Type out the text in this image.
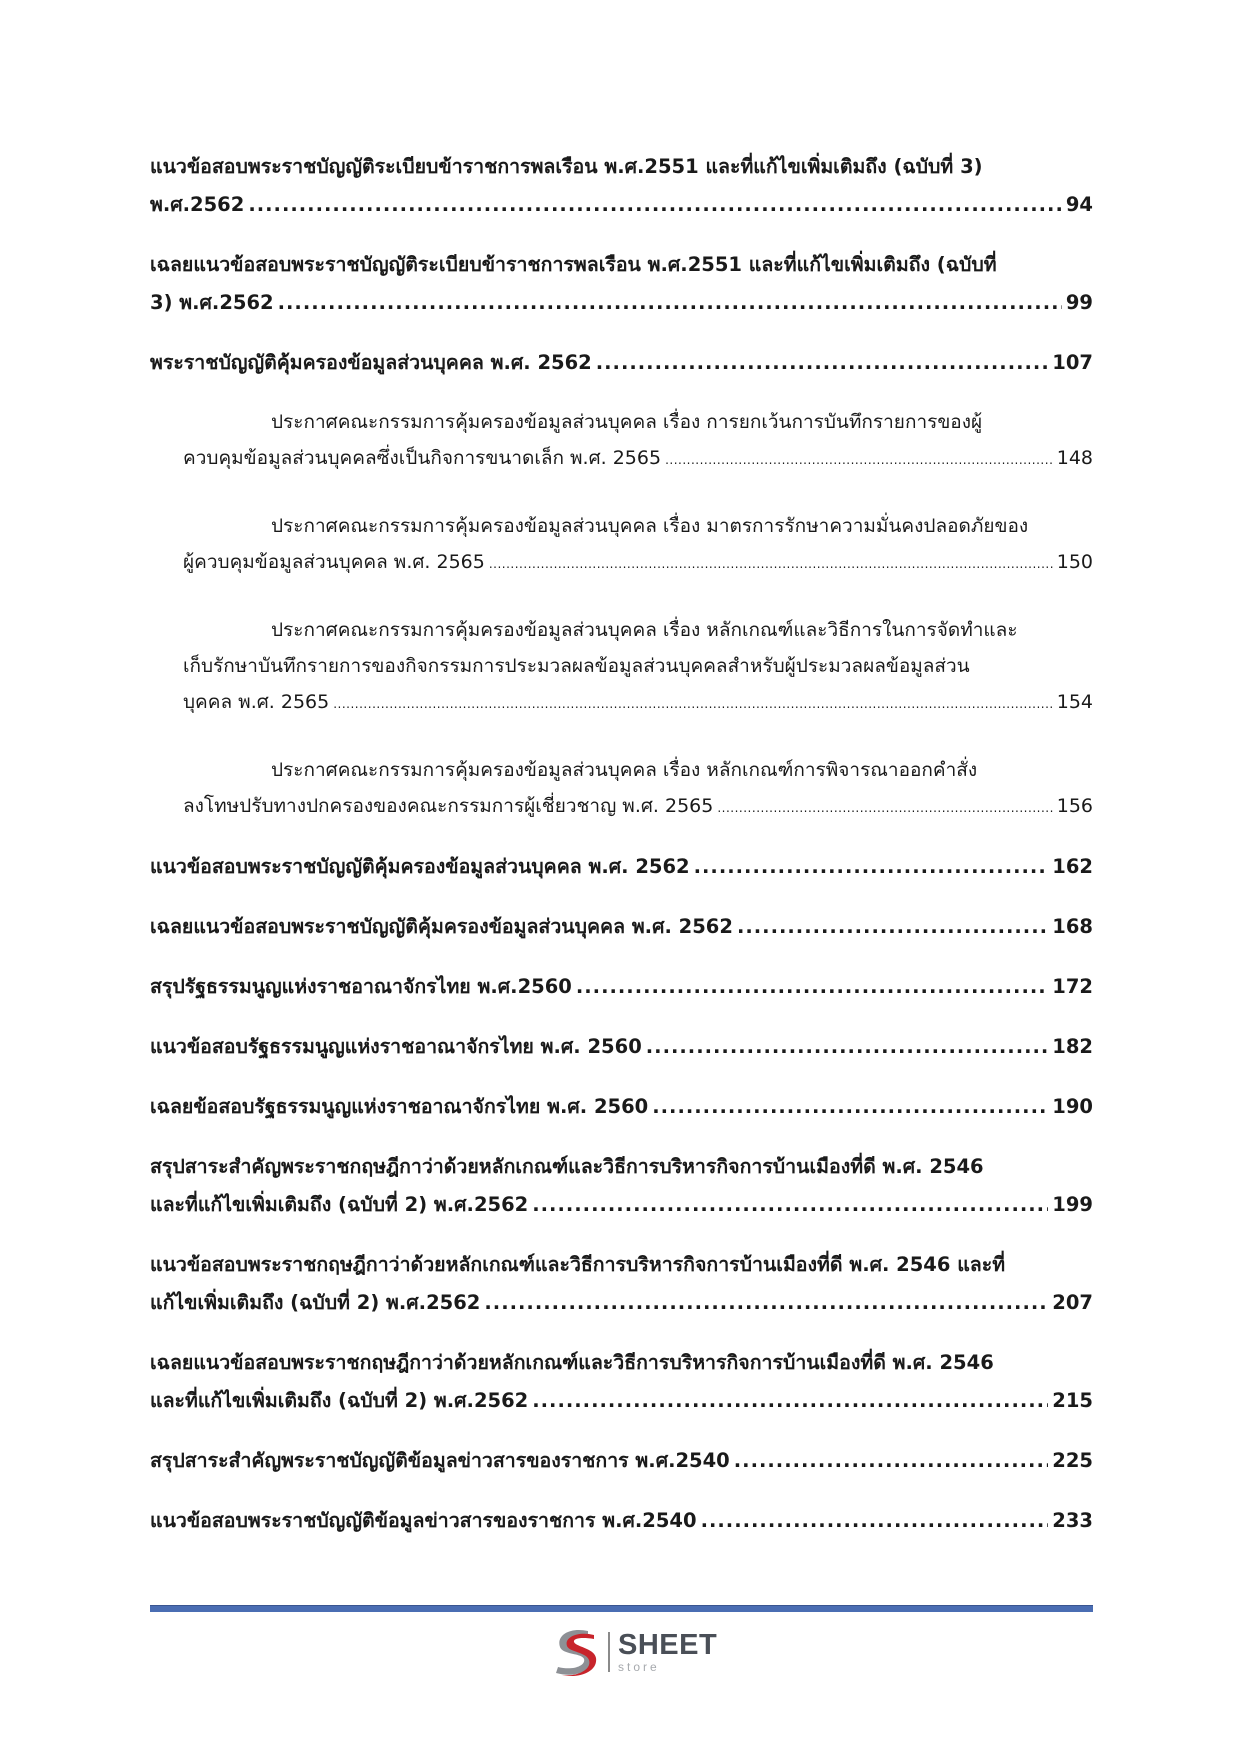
แนวข้อสอบพระราชบัญญัติระเบียบข้าราชการพลเรือน พ.ศ.2551 และที่แก้ไขเพิ่มเติมถึง (ฉบับที่ 3)
พ.ศ.2562 .....	94
เฉลยแนวข้อสอบพระราชบัญญัติระเบียบข้าราชการพลเรือน พ.ศ.2551 และที่แก้ไขเพิ่มเติมถึง (ฉบับที่
3) พ.ศ.2562 .....	99
พระราชบัญญัติคุ้มครองข้อมูลส่วนบุคคล พ.ศ. 2562 .....	107
ประกาศคณะกรรมการคุ้มครองข้อมูลส่วนบุคคล เรื่อง การยกเว้นการบันทึกรายการของผู้
ควบคุมข้อมูลส่วนบุคคลซึ่งเป็นกิจการขนาดเล็ก พ.ศ. 2565 .....	148
ประกาศคณะกรรมการคุ้มครองข้อมูลส่วนบุคคล เรื่อง มาตรการรักษาความมั่นคงปลอดภัยของ
ผู้ควบคุมข้อมูลส่วนบุคคล พ.ศ. 2565 .....	150
ประกาศคณะกรรมการคุ้มครองข้อมูลส่วนบุคคล เรื่อง หลักเกณฑ์และวิธีการในการจัดทำและ
เก็บรักษาบันทึกรายการของกิจกรรมการประมวลผลข้อมูลส่วนบุคคลสำหรับผู้ประมวลผลข้อมูลส่วน
บุคคล พ.ศ. 2565 .....	154
ประกาศคณะกรรมการคุ้มครองข้อมูลส่วนบุคคล เรื่อง หลักเกณฑ์การพิจารณาออกคำสั่ง
ลงโทษปรับทางปกครองของคณะกรรมการผู้เชี่ยวชาญ พ.ศ. 2565 .....	156
แนวข้อสอบพระราชบัญญัติคุ้มครองข้อมูลส่วนบุคคล พ.ศ. 2562 .....	162
เฉลยแนวข้อสอบพระราชบัญญัติคุ้มครองข้อมูลส่วนบุคคล พ.ศ. 2562 .....	168
สรุปรัฐธรรมนูญแห่งราชอาณาจักรไทย พ.ศ.2560 .....	172
แนวข้อสอบรัฐธรรมนูญแห่งราชอาณาจักรไทย พ.ศ. 2560 .....	182
เฉลยข้อสอบรัฐธรรมนูญแห่งราชอาณาจักรไทย พ.ศ. 2560 .....	190
สรุปสาระสำคัญพระราชกฤษฎีกาว่าด้วยหลักเกณฑ์และวิธีการบริหารกิจการบ้านเมืองที่ดี พ.ศ. 2546
และที่แก้ไขเพิ่มเติมถึง (ฉบับที่ 2) พ.ศ.2562 .....	199
แนวข้อสอบพระราชกฤษฎีกาว่าด้วยหลักเกณฑ์และวิธีการบริหารกิจการบ้านเมืองที่ดี พ.ศ. 2546 และที่
แก้ไขเพิ่มเติมถึง (ฉบับที่ 2) พ.ศ.2562 .....	207
เฉลยแนวข้อสอบพระราชกฤษฎีกาว่าด้วยหลักเกณฑ์และวิธีการบริหารกิจการบ้านเมืองที่ดี พ.ศ. 2546
และที่แก้ไขเพิ่มเติมถึง (ฉบับที่ 2) พ.ศ.2562 .....	215
สรุปสาระสำคัญพระราชบัญญัติข้อมูลข่าวสารของราชการ พ.ศ.2540 .....	225
แนวข้อสอบพระราชบัญญัติข้อมูลข่าวสารของราชการ พ.ศ.2540 .....	233
SHEET
store
